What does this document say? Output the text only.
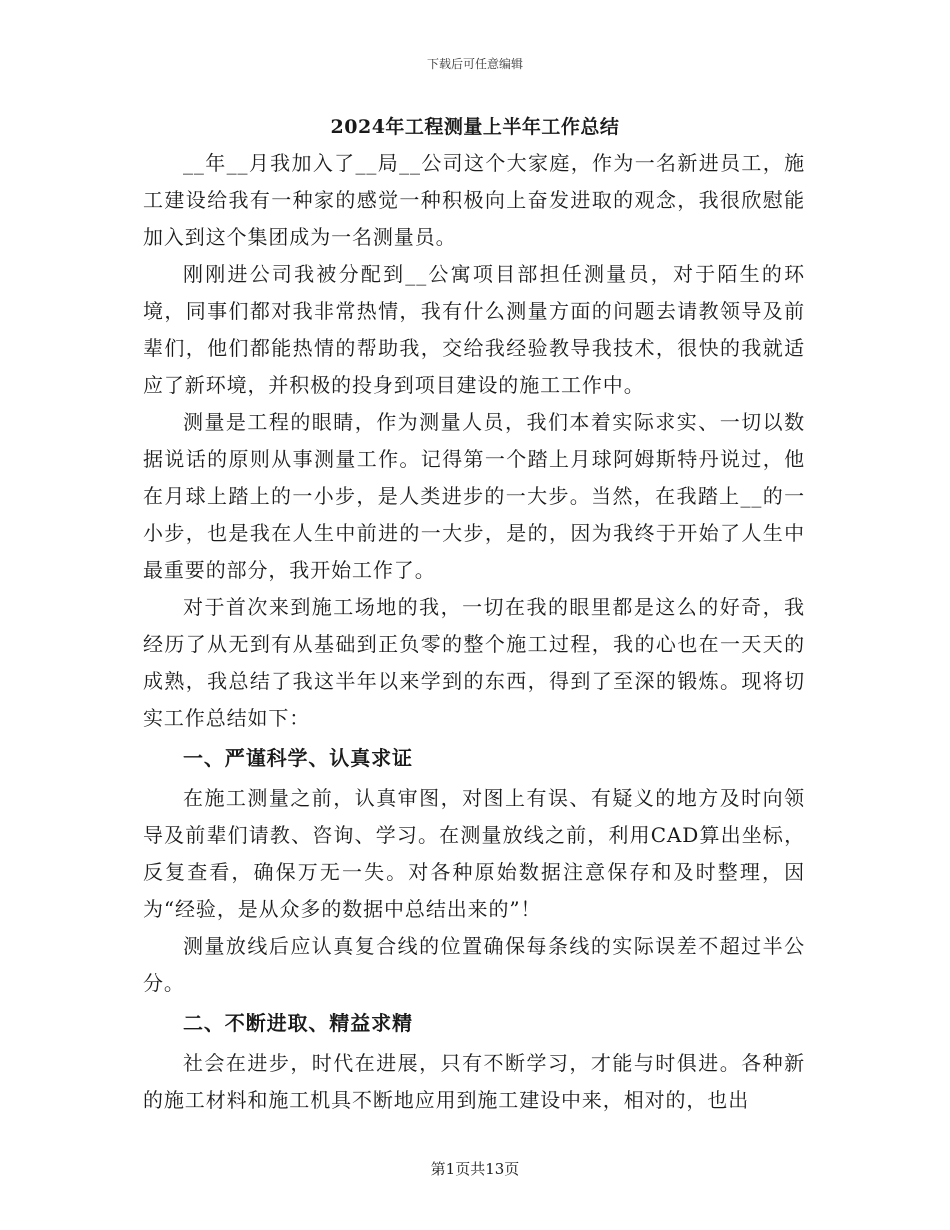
下载后可任意编辑
2024年工程测量上半年工作总结

__年__月我加入了__局__公司这个大家庭，作为一名新进员工，施工建设给我有一种家的感觉一种积极向上奋发进取的观念，我很欣慰能加入到这个集团成为一名测量员。

刚刚进公司我被分配到__公寓项目部担任测量员，对于陌生的环境，同事们都对我非常热情，我有什么测量方面的问题去请教领导及前辈们，他们都能热情的帮助我，交给我经验教导我技术，很快的我就适应了新环境，并积极的投身到项目建设的施工工作中。

测量是工程的眼睛，作为测量人员，我们本着实际求实、一切以数据说话的原则从事测量工作。记得第一个踏上月球阿姆斯特丹说过，他在月球上踏上的一小步，是人类进步的一大步。当然，在我踏上__的一小步，也是我在人生中前进的一大步，是的，因为我终于开始了人生中最重要的部分，我开始工作了。

对于首次来到施工场地的我，一切在我的眼里都是这么的好奇，我经历了从无到有从基础到正负零的整个施工过程，我的心也在一天天的成熟，我总结了我这半年以来学到的东西，得到了至深的锻炼。现将切实工作总结如下：

一、严谨科学、认真求证

在施工测量之前，认真审图，对图上有误、有疑义的地方及时向领导及前辈们请教、咨询、学习。在测量放线之前，利用CAD算出坐标，反复查看，确保万无一失。对各种原始数据注意保存和及时整理，因为“经验，是从众多的数据中总结出来的”！

测量放线后应认真复合线的位置确保每条线的实际误差不超过半公分。

二、不断进取、精益求精

社会在进步，时代在进展，只有不断学习，才能与时俱进。各种新的施工材料和施工机具不断地应用到施工建设中来，相对的，也出

第1页共13页
